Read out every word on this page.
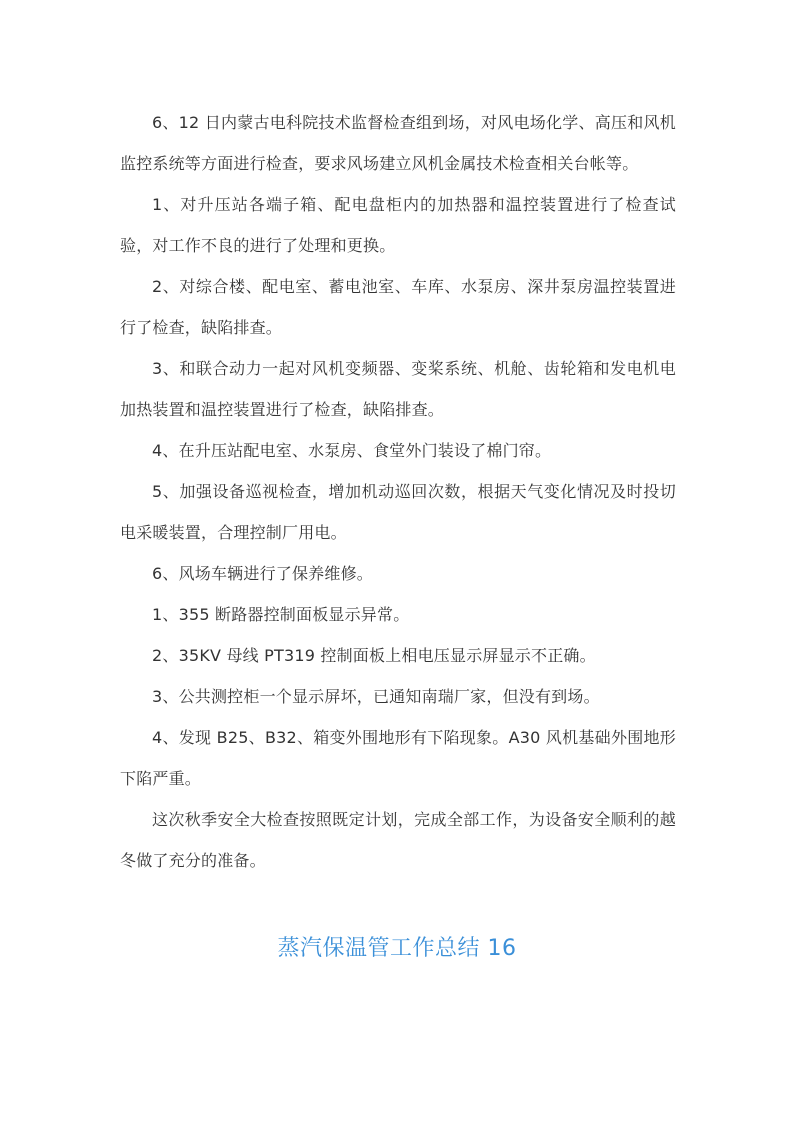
6、12 日内蒙古电科院技术监督检查组到场，对风电场化学、高压和风机监控系统等方面进行检查，要求风场建立风机金属技术检查相关台帐等。

1、对升压站各端子箱、配电盘柜内的加热器和温控装置进行了检查试验，对工作不良的进行了处理和更换。

2、对综合楼、配电室、蓄电池室、车库、水泵房、深井泵房温控装置进行了检查，缺陷排查。

3、和联合动力一起对风机变频器、变桨系统、机舱、齿轮箱和发电机电加热装置和温控装置进行了检查，缺陷排查。

4、在升压站配电室、水泵房、食堂外门装设了棉门帘。

5、加强设备巡视检查，增加机动巡回次数，根据天气变化情况及时投切电采暖装置，合理控制厂用电。

6、风场车辆进行了保养维修。

1、355 断路器控制面板显示异常。

2、35KV 母线 PT319 控制面板上相电压显示屏显示不正确。

3、公共测控柜一个显示屏坏，已通知南瑞厂家，但没有到场。

4、发现 B25、B32、箱变外围地形有下陷现象。A30 风机基础外围地形下陷严重。

这次秋季安全大检查按照既定计划，完成全部工作，为设备安全顺利的越冬做了充分的准备。

蒸汽保温管工作总结 16
